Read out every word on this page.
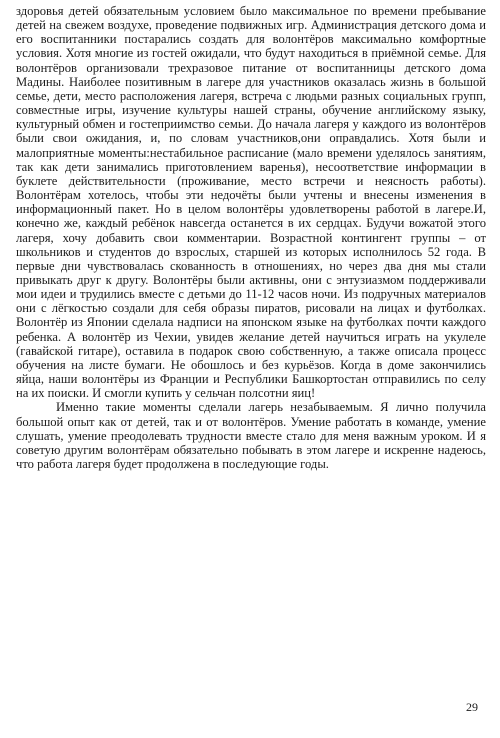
здоровья детей обязательным условием было максимальное по времени пребывание детей на свежем воздухе, проведение подвижных игр. Администрация детского дома и его воспитанники постарались создать для волонтёров максимально комфортные условия. Хотя многие из гостей ожидали, что будут находиться в приёмной семье. Для волонтёров организовали трехразовое питание от воспитанницы детского дома Мадины. Наиболее позитивным в лагере для участников оказалась жизнь в большой семье, дети, место расположения лагеря, встреча с людьми разных социальных групп, совместные игры, изучение культуры нашей страны, обучение английскому языку, культурный обмен и гостеприимство семьи. До начала лагеря у каждого из волонтёров были свои ожидания, и, по словам участников,они оправдались. Хотя были и малоприятные моменты:нестабильное расписание (мало времени уделялось занятиям, так как дети занимались приготовлением варенья), несоответствие информации в буклете действительности (проживание, место встречи и неясность работы). Волонтёрам хотелось, чтобы эти недочёты были учтены и внесены изменения в информационный пакет. Но в целом волонтёры удовлетворены работой в лагере.И, конечно же, каждый ребёнок навсегда останется в их сердцах. Будучи вожатой этого лагеря, хочу добавить свои комментарии. Возрастной контингент группы – от школьников и студентов до взрослых, старшей из которых исполнилось 52 года. В первые дни чувствовалась скованность в отношениях, но через два дня мы стали привыкать друг к другу. Волонтёры были активны, они с энтузиазмом поддерживали мои идеи и трудились вместе с детьми до 11-12 часов ночи. Из подручных материалов они с лёгкостью создали для себя образы пиратов, рисовали на лицах и футболках. Волонтёр из Японии сделала надписи на японском языке на футболках почти каждого ребенка. А волонтёр из Чехии, увидев желание детей научиться играть на укулеле (гавайской гитаре), оставила в подарок свою собственную, а также описала процесс обучения на листе бумаги. Не обошлось и без курьёзов. Когда в доме закончились яйца, наши волонтёры из Франции и Республики Башкортостан отправились по селу на их поиски. И смогли купить у сельчан полсотни яиц!

Именно такие моменты сделали лагерь незабываемым. Я лично получила большой опыт как от детей, так и от волонтёров. Умение работать в команде, умение слушать, умение преодолевать трудности вместе стало для меня важным уроком. И я советую другим волонтёрам обязательно побывать в этом лагере и искренне надеюсь, что работа лагеря будет продолжена в последующие годы.

29
